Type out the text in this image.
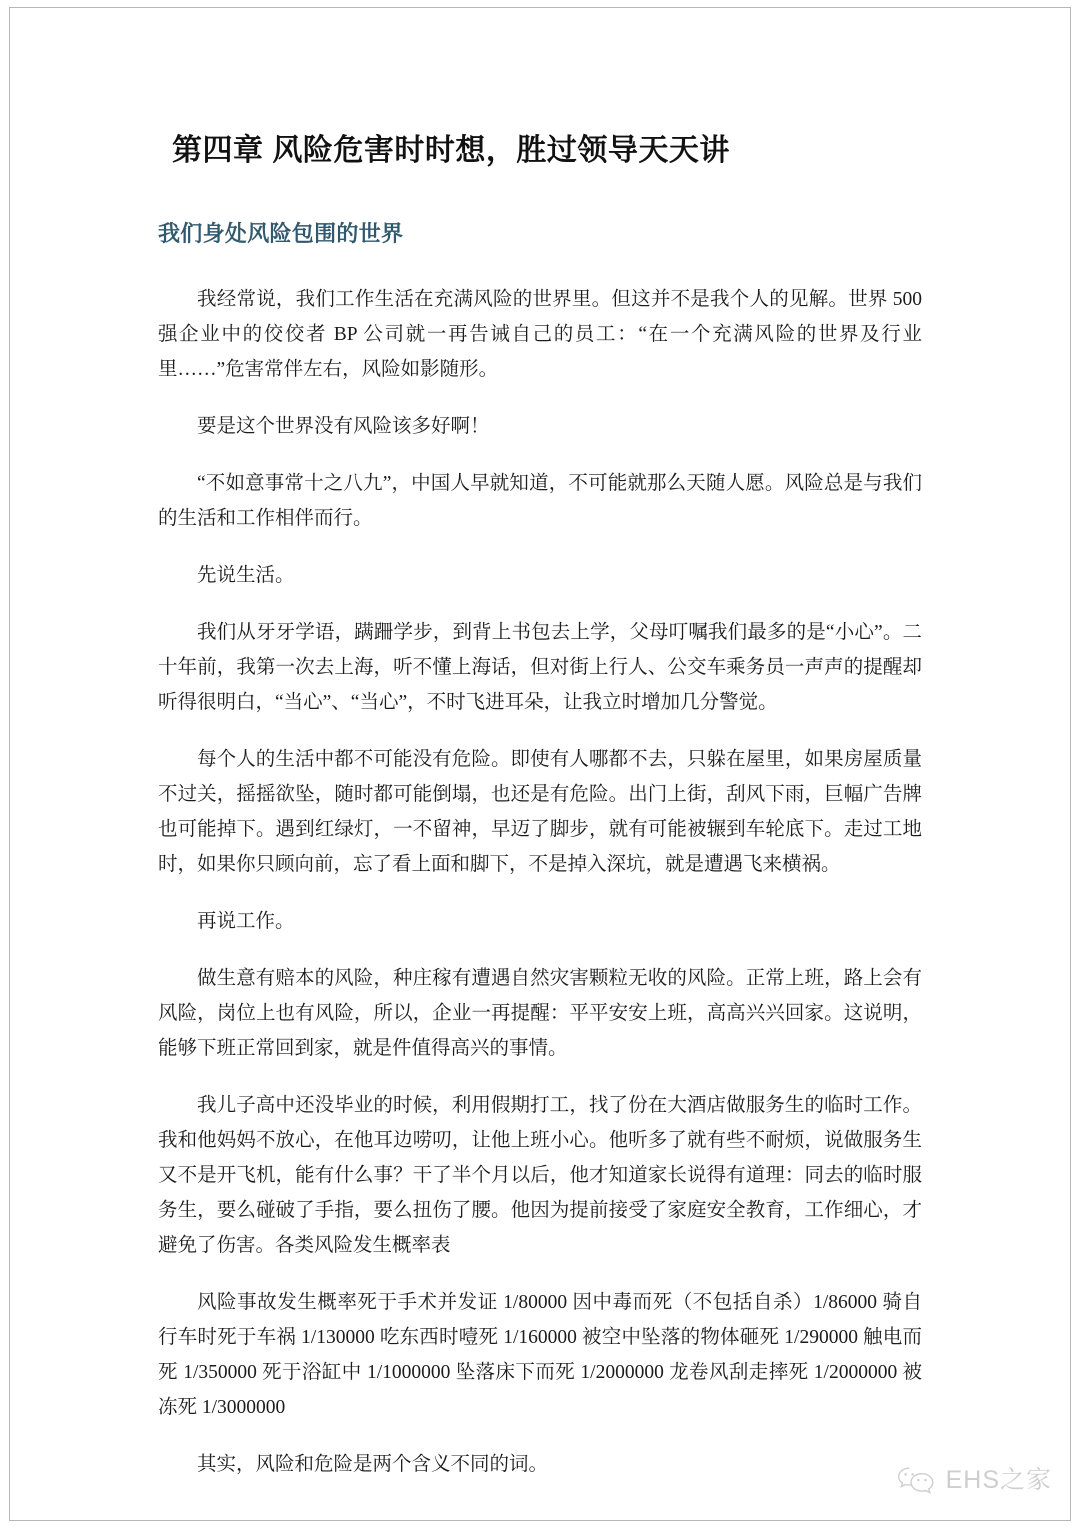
第四章 风险危害时时想，胜过领导天天讲
我们身处风险包围的世界

我经常说，我们工作生活在充满风险的世界里。但这并不是我个人的见解。世界 500 强企业中的佼佼者 BP 公司就一再告诫自己的员工：“在一个充满风险的世界及行业里……”危害常伴左右，风险如影随形。

要是这个世界没有风险该多好啊！

“不如意事常十之八九”，中国人早就知道，不可能就那么天随人愿。风险总是与我们的生活和工作相伴而行。

先说生活。

我们从牙牙学语，蹒跚学步，到背上书包去上学，父母叮嘱我们最多的是“小心”。二十年前，我第一次去上海，听不懂上海话，但对街上行人、公交车乘务员一声声的提醒却听得很明白，“当心”、“当心”，不时飞进耳朵，让我立时增加几分警觉。

每个人的生活中都不可能没有危险。即使有人哪都不去，只躲在屋里，如果房屋质量不过关，摇摇欲坠，随时都可能倒塌，也还是有危险。出门上街，刮风下雨，巨幅广告牌也可能掉下。遇到红绿灯，一不留神，早迈了脚步，就有可能被辗到车轮底下。走过工地时，如果你只顾向前，忘了看上面和脚下，不是掉入深坑，就是遭遇飞来横祸。

再说工作。

做生意有赔本的风险，种庄稼有遭遇自然灾害颗粒无收的风险。正常上班，路上会有风险，岗位上也有风险，所以，企业一再提醒：平平安安上班，高高兴兴回家。这说明，能够下班正常回到家，就是件值得高兴的事情。

我儿子高中还没毕业的时候，利用假期打工，找了份在大酒店做服务生的临时工作。我和他妈妈不放心，在他耳边唠叨，让他上班小心。他听多了就有些不耐烦，说做服务生又不是开飞机，能有什么事？干了半个月以后，他才知道家长说得有道理：同去的临时服务生，要么碰破了手指，要么扭伤了腰。他因为提前接受了家庭安全教育，工作细心，才避免了伤害。各类风险发生概率表

风险事故发生概率死于手术并发证 1/80000 因中毒而死（不包括自杀）1/86000 骑自行车时死于车祸 1/130000 吃东西时噎死 1/160000 被空中坠落的物体砸死 1/290000 触电而死 1/350000 死于浴缸中 1/1000000 坠落床下而死 1/2000000 龙卷风刮走摔死 1/2000000 被冻死 1/3000000

其实，风险和危险是两个含义不同的词。

EHS之家
